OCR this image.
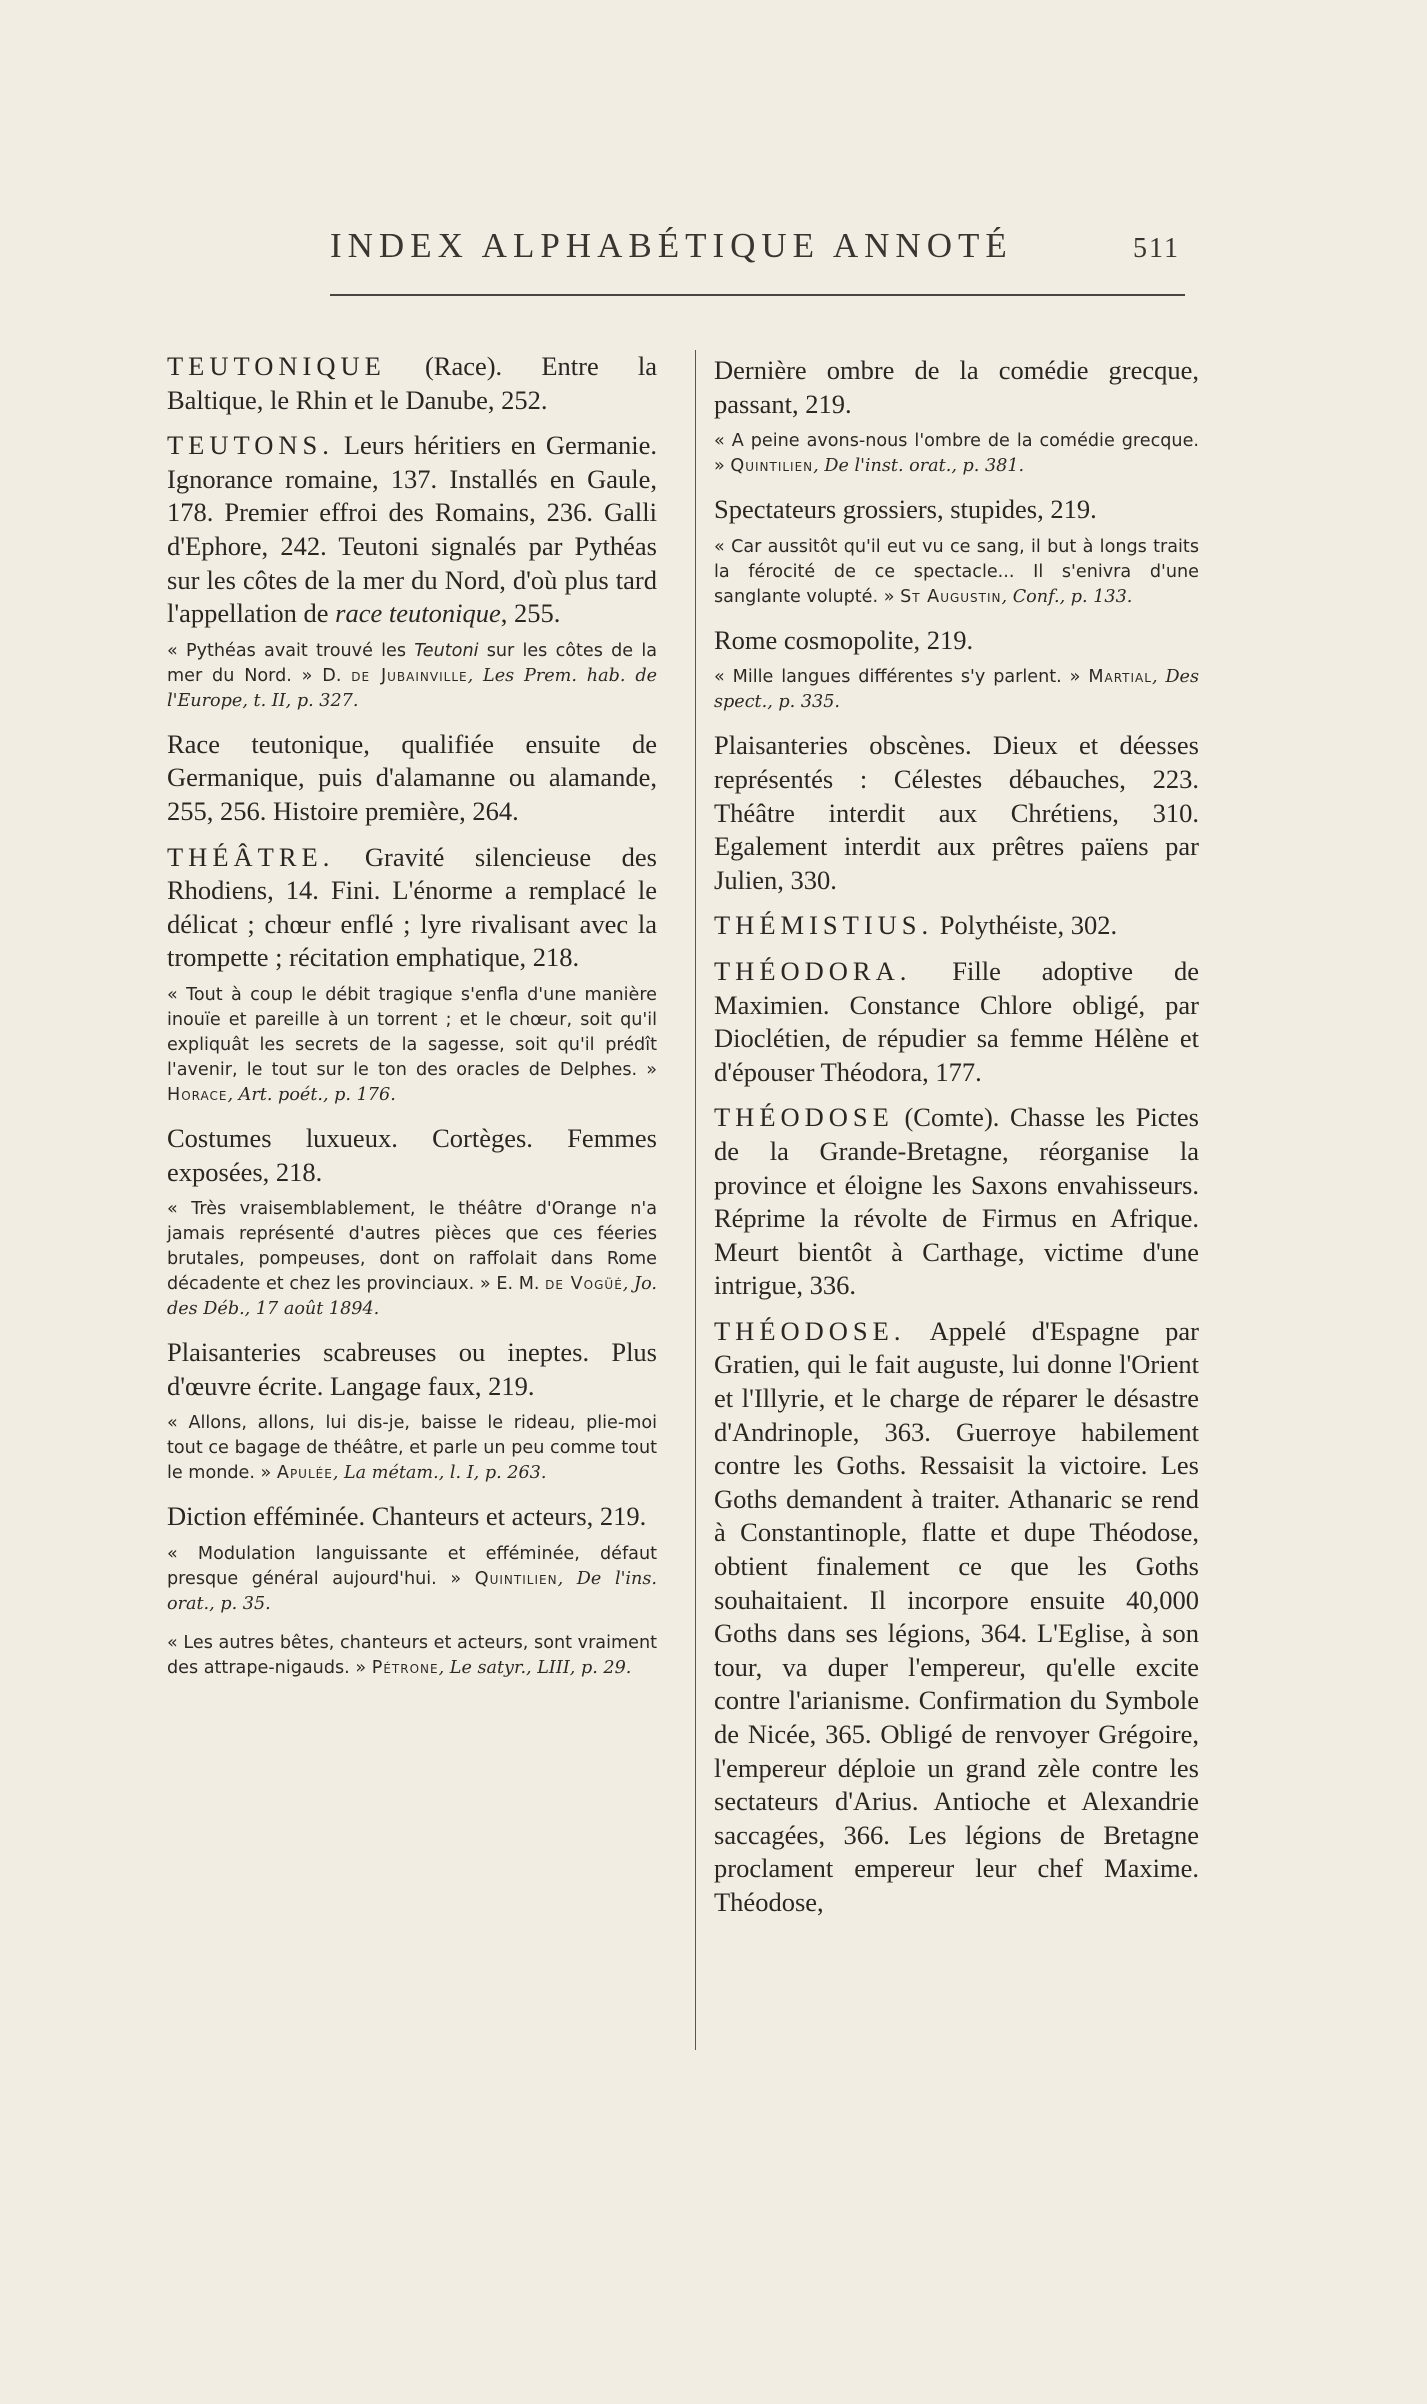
INDEX ALPHABÉTIQUE ANNOTÉ	511

TEUTONIQUE (Race). Entre la Baltique, le Rhin et le Danube, 252.

TEUTONS. Leurs héritiers en Germanie. Ignorance romaine, 137. Installés en Gaule, 178. Premier effroi des Romains, 236. Galli d'Ephore, 242. Teutoni signalés par Pythéas sur les côtes de la mer du Nord, d'où plus tard l'appellation de race teutonique, 255.

« Pythéas avait trouvé les Teutoni sur les côtes de la mer du Nord. » D. de Jubainville, Les Prem. hab. de l'Europe, t. II, p. 327.

Race teutonique, qualifiée ensuite de Germanique, puis d'alamanne ou alamande, 255, 256. Histoire première, 264.

THÉÂTRE. Gravité silencieuse des Rhodiens, 14. Fini. L'énorme a remplacé le délicat ; chœur enflé ; lyre rivalisant avec la trompette ; récitation emphatique, 218.

« Tout à coup le débit tragique s'enfla d'une manière inouïe et pareille à un torrent ; et le chœur, soit qu'il expliquât les secrets de la sagesse, soit qu'il prédît l'avenir, le tout sur le ton des oracles de Delphes. » Horace, Art. poét., p. 176.

Costumes luxueux. Cortèges. Femmes exposées, 218.

« Très vraisemblablement, le théâtre d'Orange n'a jamais représenté d'autres pièces que ces féeries brutales, pompeuses, dont on raffolait dans Rome décadente et chez les provinciaux. » E. M. de Vogüé, Jo. des Déb., 17 août 1894.

Plaisanteries scabreuses ou ineptes. Plus d'œuvre écrite. Langage faux, 219.

« Allons, allons, lui dis-je, baisse le rideau, plie-moi tout ce bagage de théâtre, et parle un peu comme tout le monde. » Apulée, La métam., l. I, p. 263.

Diction efféminée. Chanteurs et acteurs, 219.

« Modulation languissante et efféminée, défaut presque général aujourd'hui. » Quintilien, De l'ins. orat., p. 35.

« Les autres bêtes, chanteurs et acteurs, sont vraiment des attrape-nigauds. » Pétrone, Le satyr., LIII, p. 29.

Dernière ombre de la comédie grecque, passant, 219.

« A peine avons-nous l'ombre de la comédie grecque. » Quintilien, De l'inst. orat., p. 381.

Spectateurs grossiers, stupides, 219.

« Car aussitôt qu'il eut vu ce sang, il but à longs traits la férocité de ce spectacle... Il s'enivra d'une sanglante volupté. » St Augustin, Conf., p. 133.

Rome cosmopolite, 219.

« Mille langues différentes s'y parlent. » Martial, Des spect., p. 335.

Plaisanteries obscènes. Dieux et déesses représentés : Célestes débauches, 223. Théâtre interdit aux Chrétiens, 310. Egalement interdit aux prêtres païens par Julien, 330.

THÉMISTIUS. Polythéiste, 302.

THÉODORA. Fille adoptive de Maximien. Constance Chlore obligé, par Dioclétien, de répudier sa femme Hélène et d'épouser Théodora, 177.

THÉODOSE (Comte). Chasse les Pictes de la Grande-Bretagne, réorganise la province et éloigne les Saxons envahisseurs. Réprime la révolte de Firmus en Afrique. Meurt bientôt à Carthage, victime d'une intrigue, 336.

THÉODOSE. Appelé d'Espagne par Gratien, qui le fait auguste, lui donne l'Orient et l'Illyrie, et le charge de réparer le désastre d'Andrinople, 363. Guerroye habilement contre les Goths. Ressaisit la victoire. Les Goths demandent à traiter. Athanaric se rend à Constantinople, flatte et dupe Théodose, obtient finalement ce que les Goths souhaitaient. Il incorpore ensuite 40,000 Goths dans ses légions, 364. L'Eglise, à son tour, va duper l'empereur, qu'elle excite contre l'arianisme. Confirmation du Symbole de Nicée, 365. Obligé de renvoyer Grégoire, l'empereur déploie un grand zèle contre les sectateurs d'Arius. Antioche et Alexandrie saccagées, 366. Les légions de Bretagne proclament empereur leur chef Maxime. Théodose,
